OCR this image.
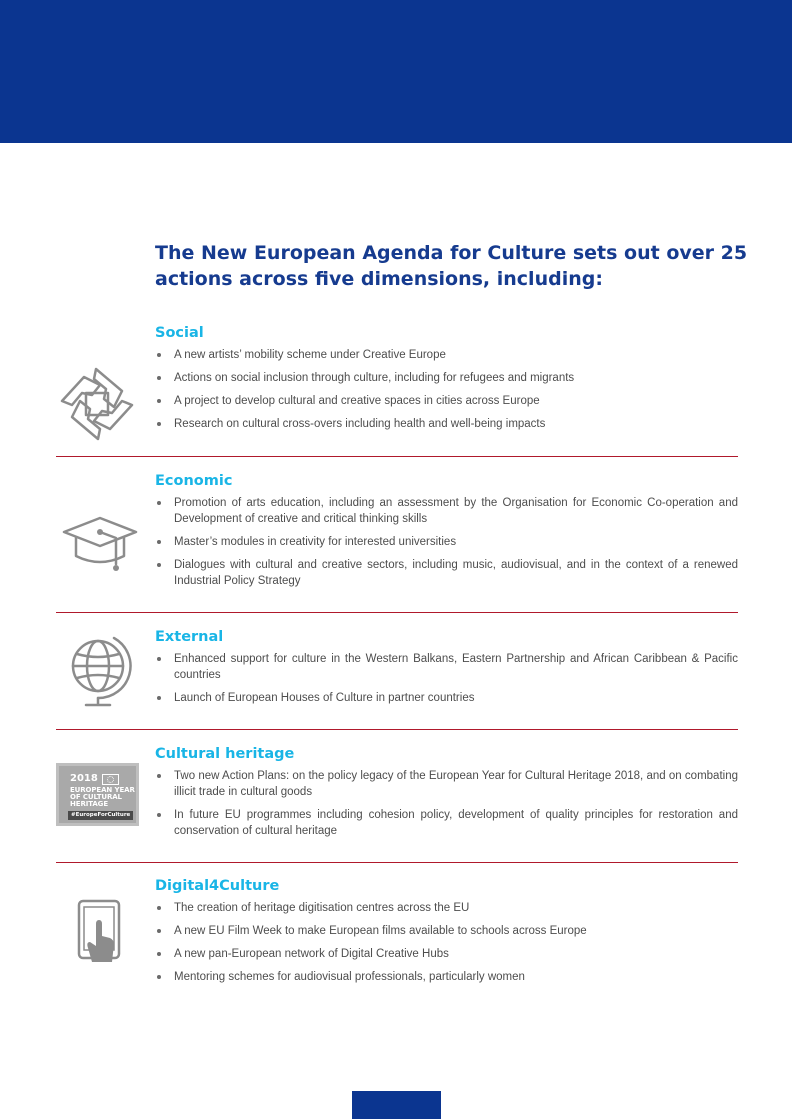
The New European Agenda for Culture sets out over 25 actions across five dimensions, including:
Social
A new artists’ mobility scheme under Creative Europe
Actions on social inclusion through culture, including for refugees and migrants
A project to develop cultural and creative spaces in cities across Europe
Research on cultural cross-overs including health and well-being impacts
Economic
Promotion of arts education, including an assessment by the Organisation for Economic Co-operation and Development of creative and critical thinking skills
Master’s modules in creativity for interested universities
Dialogues with cultural and creative sectors, including music, audiovisual, and in the context of a renewed Industrial Policy Strategy
External
Enhanced support for culture in the Western Balkans, Eastern Partnership and African Caribbean & Pacific countries
Launch of European Houses of Culture in partner countries
Cultural heritage
Two new Action Plans: on the policy legacy of the European Year for Cultural Heritage 2018, and on combating illicit trade in cultural goods
In future EU programmes including cohesion policy, development of quality principles for restoration and conservation of cultural heritage
2018
EUROPEAN YEAR
OF CULTURAL
HERITAGE
#EuropeForCulture
Digital4Culture
The creation of heritage digitisation centres across the EU
A new EU Film Week to make European films available to schools across Europe
A new pan-European network of Digital Creative Hubs
Mentoring schemes for audiovisual professionals, particularly women
